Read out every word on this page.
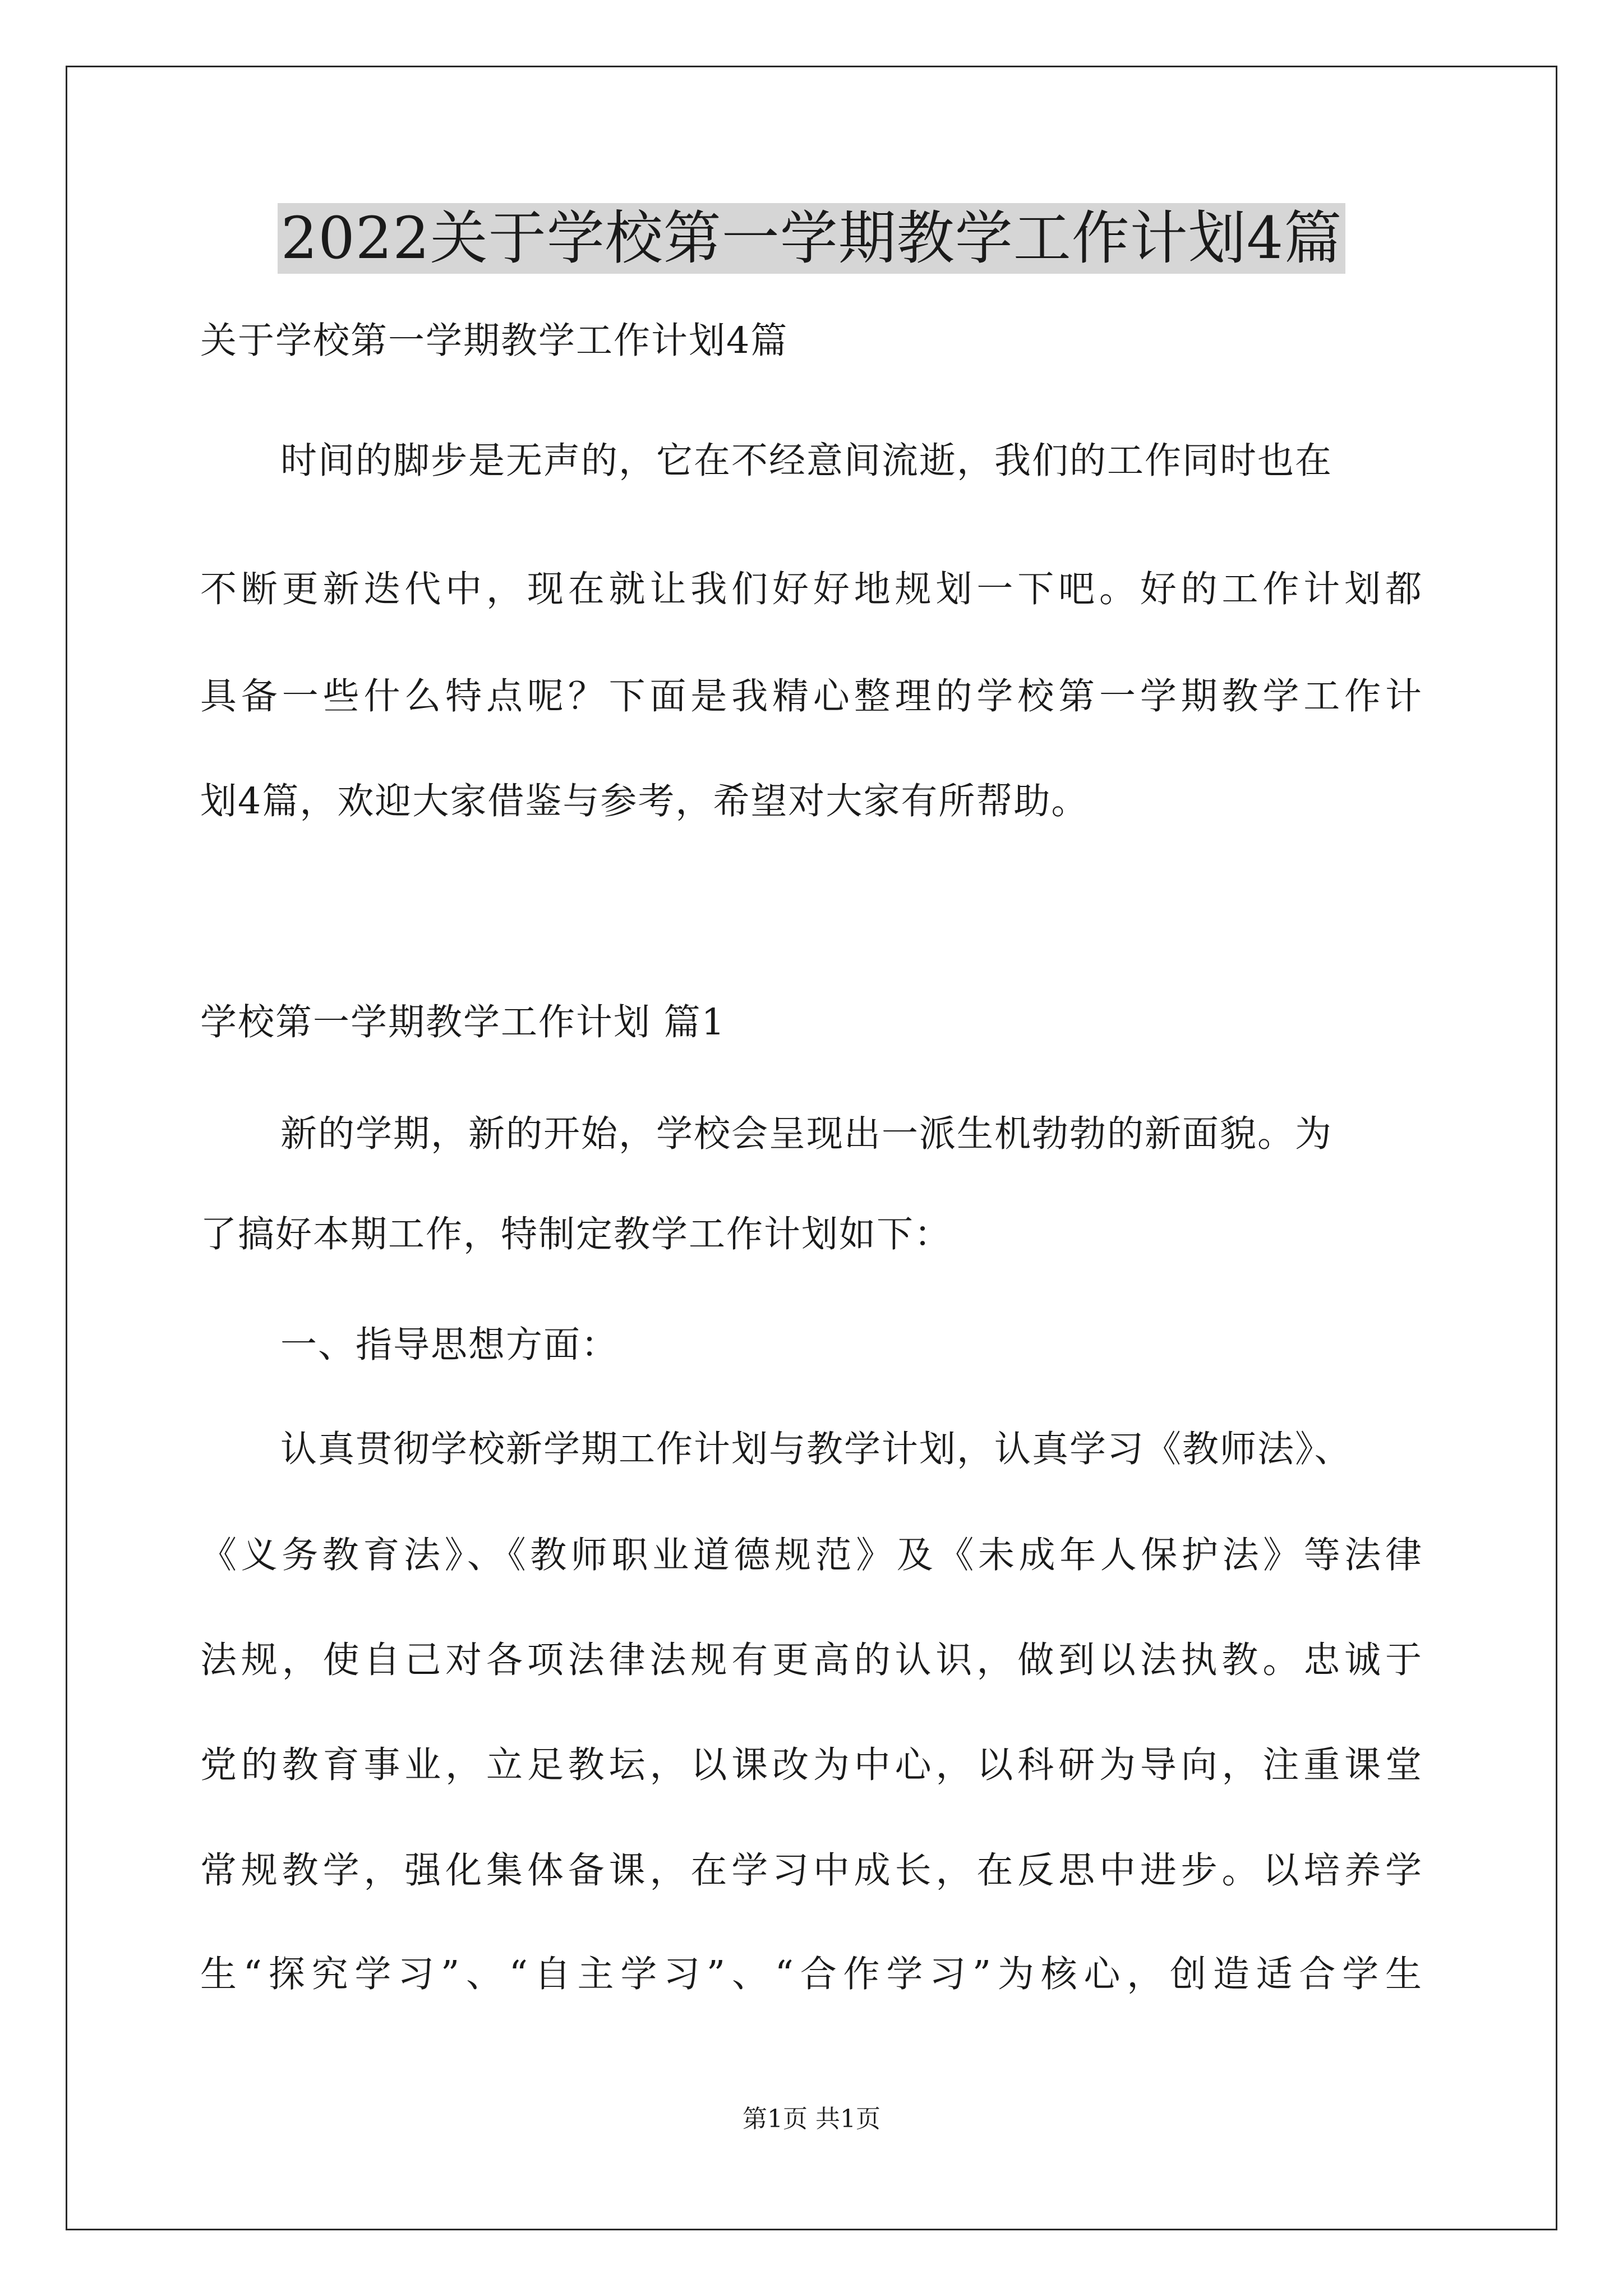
2022关于学校第一学期教学工作计划4篇
关于学校第一学期教学工作计划4篇
时间的脚步是无声的，它在不经意间流逝，我们的工作同时也在
不断更新迭代中，现在就让我们好好地规划一下吧。好的工作计划都
具备一些什么特点呢？下面是我精心整理的学校第一学期教学工作计
划4篇，欢迎大家借鉴与参考，希望对大家有所帮助。
学校第一学期教学工作计划 篇1
新的学期，新的开始，学校会呈现出一派生机勃勃的新面貌。为
了搞好本期工作，特制定教学工作计划如下：
一、指导思想方面：
认真贯彻学校新学期工作计划与教学计划，认真学习《教师法》、
《义务教育法》、《教师职业道德规范》及《未成年人保护法》等法律
法规，使自己对各项法律法规有更高的认识，做到以法执教。忠诚于
党的教育事业，立足教坛，以课改为中心，以科研为导向，注重课堂
常规教学，强化集体备课，在学习中成长，在反思中进步。以培养学
生“探究学习”、“自主学习”、“合作学习”为核心，创造适合学生
第1页 共1页
